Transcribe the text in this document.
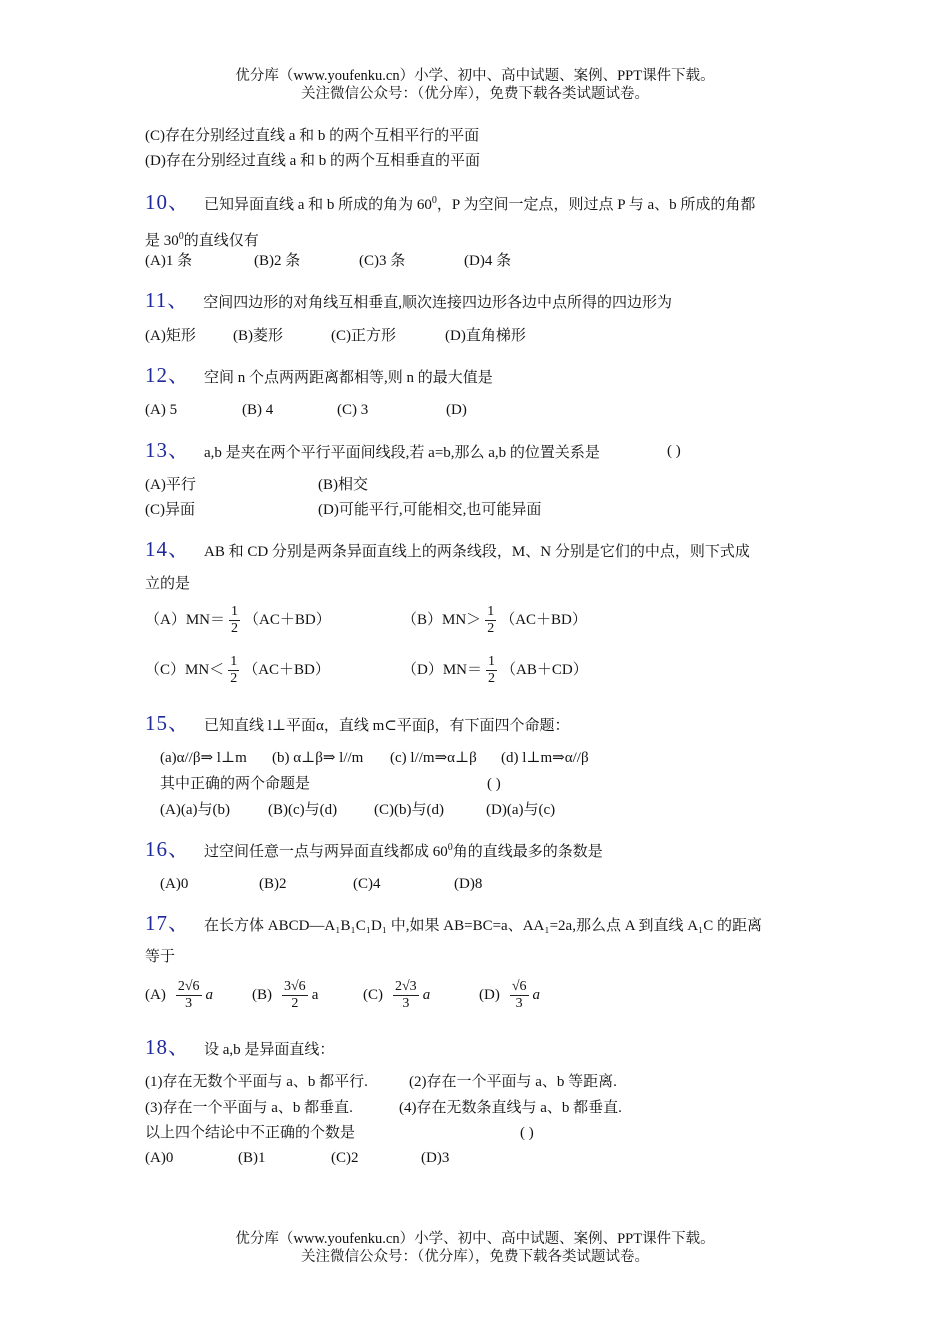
优分库（www.youfenku.cn）小学、初中、高中试题、案例、PPT课件下载。
关注微信公众号：（优分库），免费下载各类试题试卷。
(C)存在分别经过直线 a 和 b 的两个互相平行的平面
(D)存在分别经过直线 a 和 b 的两个互相垂直的平面
10、 已知异面直线 a 和 b 所成的角为 $60^0$，P 为空间一定点，则过点 P 与 a、b 所成的角都
是 $30^0$的直线仅有
(A)1 条	(B)2 条	(C)3 条	(D)4 条
11、 空间四边形的对角线互相垂直,顺次连接四边形各边中点所得的四边形为
(A)矩形 (B)菱形	(C)正方形	(D)直角梯形
12、 空间 n 个点两两距离都相等,则 n 的最大值是
(A) 5	(B) 4	(C) 3	(D)
13、 a,b 是夹在两个平行平面间线段,若 a=b,那么 a,b 的位置关系是	( )
(A)平行	(B)相交
(C)异面	(D)可能平行,可能相交,也可能异面
14、 AB 和 CD 分别是两条异面直线上的两条线段，M、N 分别是它们的中点，则下式成
立的是
$(A)MN= \frac{1}{2} (AC+BD)$	$(B)MN> \frac{1}{2} (AC+BD)$
$(C)MN< \frac{1}{2} (AC+BD)$	$(D)MN= \frac{1}{2} (AB+CD)$
15、 已知直线 l⊥平面α，直线 m⊂平面β，有下面四个命题：
(a)α//β⇒ l⊥m (b) α⊥β⇒ l//m (c) l//m⇒α⊥β (d) l⊥m⇒α//β
其中正确的两个命题是	( )
(A)(a)与(b)	(B)(c)与(d) (C)(b)与(d)	(D)(a)与(c)
16、 过空间任意一点与两异面直线都成 $60^0$角的直线最多的条数是
(A)0	(B)2	(C)4	(D)8
17、 在长方体 ABCD—A₁B₁C₁D₁ 中,如果 AB=BC=a、AA₁=2a,那么点 A 到直线 A₁C 的距离
等于
$(A) \frac{2√6}{3}$ a	$(B) \frac{3√6}{2}$ a	$(C) \frac{2√3}{3}$ a	$(D) \frac{√6}{3}$ a
18、 设 a,b 是异面直线：
(1)存在无数个平面与 a、b 都平行.	(2)存在一个平面与 a、b 等距离.
(3)存在一个平面与 a、b 都垂直.	(4)存在无数条直线与 a、b 都垂直.
以上四个结论中不正确的个数是	( )
(A)0	(B)1	(C)2	(D)3
优分库（www.youfenku.cn）小学、初中、高中试题、案例、PPT课件下载。
关注微信公众号：（优分库），免费下载各类试题试卷。
